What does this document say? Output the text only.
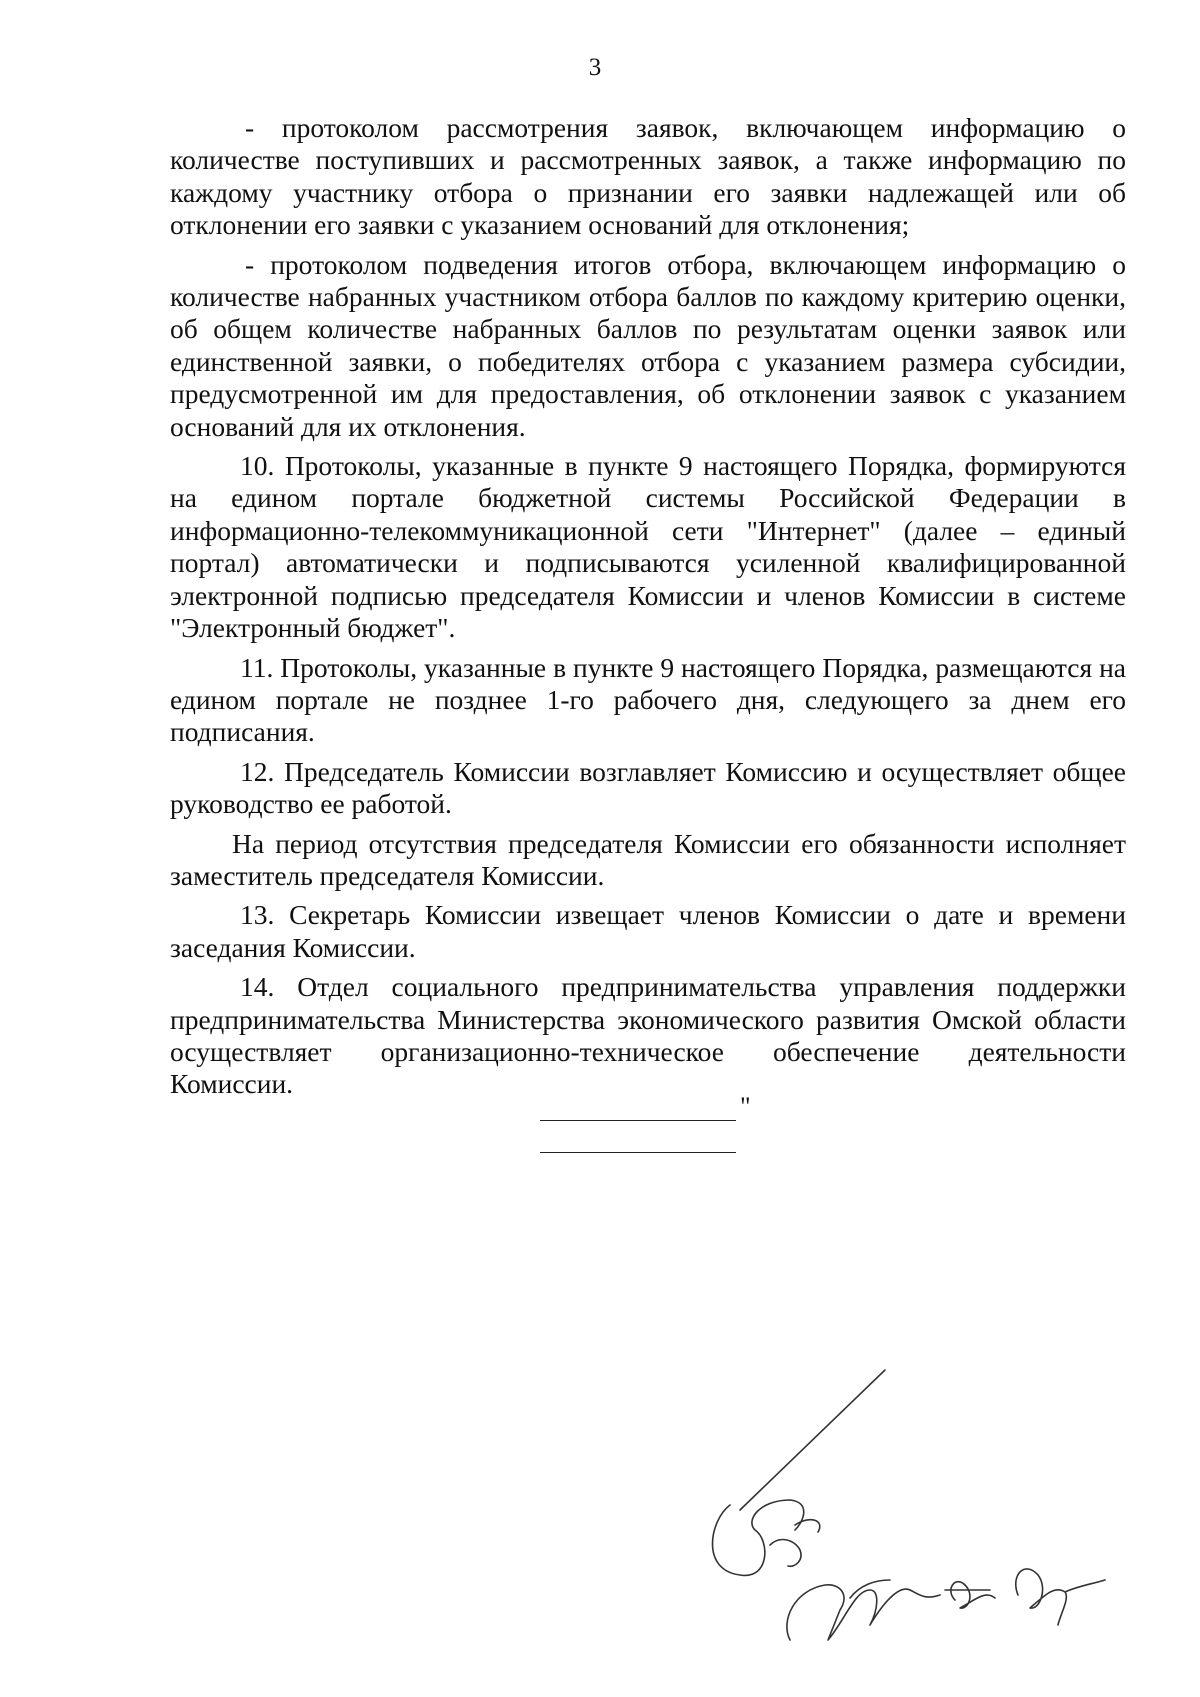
3

- протоколом рассмотрения заявок, включающем информацию о количестве поступивших и рассмотренных заявок, а также информацию по каждому участнику отбора о признании его заявки надлежащей или об отклонении его заявки с указанием оснований для отклонения;

- протоколом подведения итогов отбора, включающем информацию о количестве набранных участником отбора баллов по каждому критерию оценки, об общем количестве набранных баллов по результатам оценки заявок или единственной заявки, о победителях отбора с указанием размера субсидии, предусмотренной им для предоставления, об отклонении заявок с указанием оснований для их отклонения.

10. Протоколы, указанные в пункте 9 настоящего Порядка, формируются на едином портале бюджетной системы Российской Федерации в информационно-телекоммуникационной сети "Интернет" (далее – единый портал) автоматически и подписываются усиленной квалифицированной электронной подписью председателя Комиссии и членов Комиссии в системе "Электронный бюджет".

11. Протоколы, указанные в пункте 9 настоящего Порядка, размещаются на едином портале не позднее 1-го рабочего дня, следующего за днем его подписания.

12. Председатель Комиссии возглавляет Комиссию и осуществляет общее руководство ее работой.

На период отсутствия председателя Комиссии его обязанности исполняет заместитель председателя Комиссии.

13. Секретарь Комиссии извещает членов Комиссии о дате и времени заседания Комиссии.

14. Отдел социального предпринимательства управления поддержки предпринимательства Министерства экономического развития Омской области осуществляет организационно-техническое обеспечение деятельности Комиссии.

"
